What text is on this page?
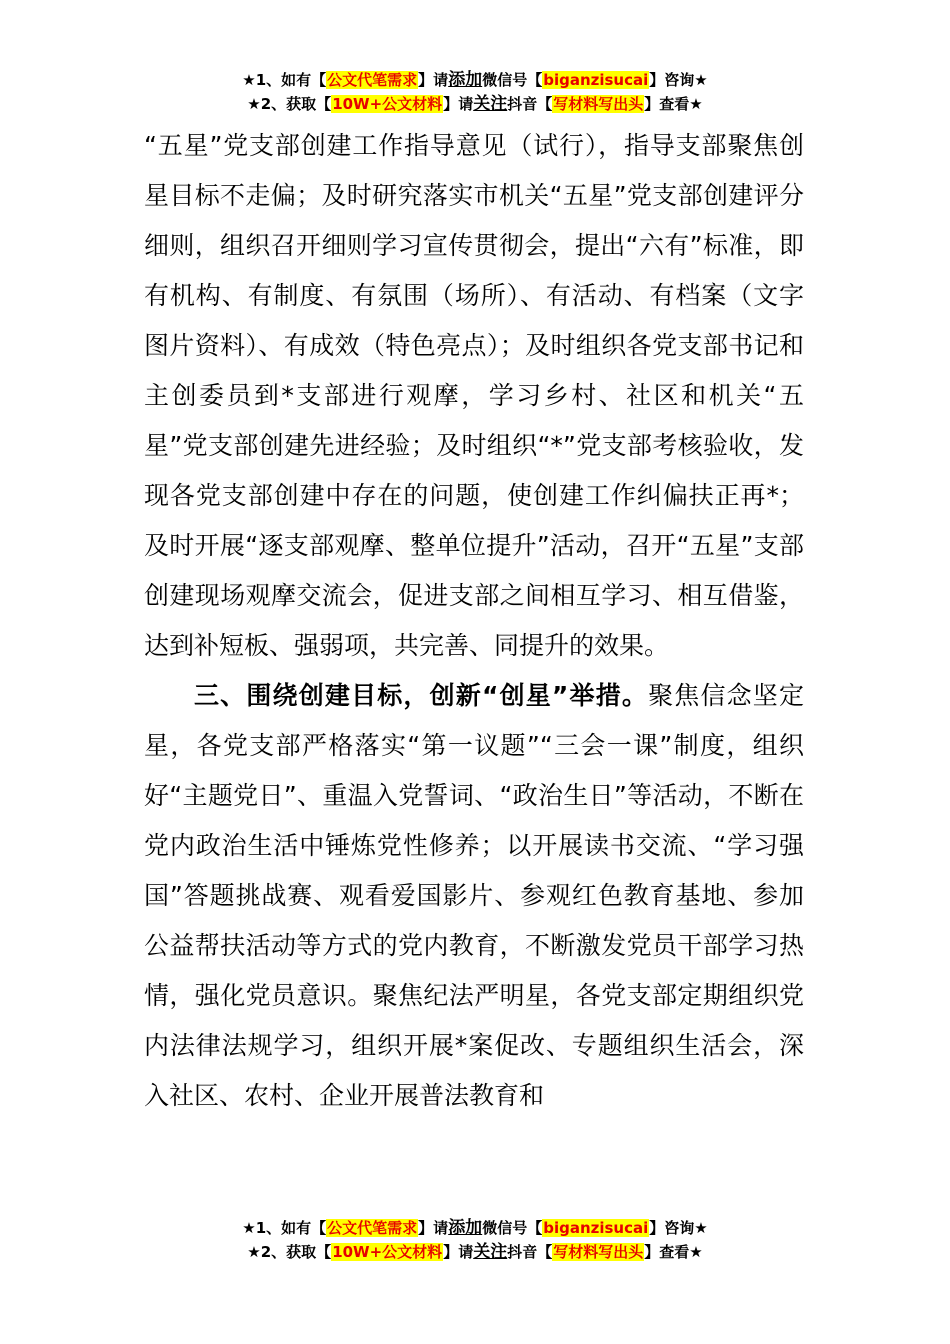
★1、如有【公文代笔需求】请添加微信号【biganzisucai】咨询★
★2、获取【10W+公文材料】请关注抖音【写材料写出头】查看★

“五星”党支部创建工作指导意见（试行），指导支部聚焦创星目标不走偏；及时研究落实市机关“五星”党支部创建评分细则，组织召开细则学习宣传贯彻会，提出“六有”标准，即有机构、有制度、有氛围（场所）、有活动、有档案（文字图片资料）、有成效（特色亮点）；及时组织各党支部书记和主创委员到*支部进行观摩，学习乡村、社区和机关“五星”党支部创建先进经验；及时组织“*”党支部考核验收，发现各党支部创建中存在的问题，使创建工作纠偏扶正再*；及时开展“逐支部观摩、整单位提升”活动，召开“五星”支部创建现场观摩交流会，促进支部之间相互学习、相互借鉴，达到补短板、强弱项，共完善、同提升的效果。

三、围绕创建目标，创新“创星”举措。聚焦信念坚定星，各党支部严格落实“第一议题”“三会一课”制度，组织好“主题党日”、重温入党誓词、“政治生日”等活动，不断在党内政治生活中锤炼党性修养；以开展读书交流、“学习强国”答题挑战赛、观看爱国影片、参观红色教育基地、参加公益帮扶活动等方式的党内教育，不断激发党员干部学习热情，强化党员意识。聚焦纪法严明星，各党支部定期组织党内法律法规学习，组织开展*案促改、专题组织生活会，深入社区、农村、企业开展普法教育和

★1、如有【公文代笔需求】请添加微信号【biganzisucai】咨询★
★2、获取【10W+公文材料】请关注抖音【写材料写出头】查看★
